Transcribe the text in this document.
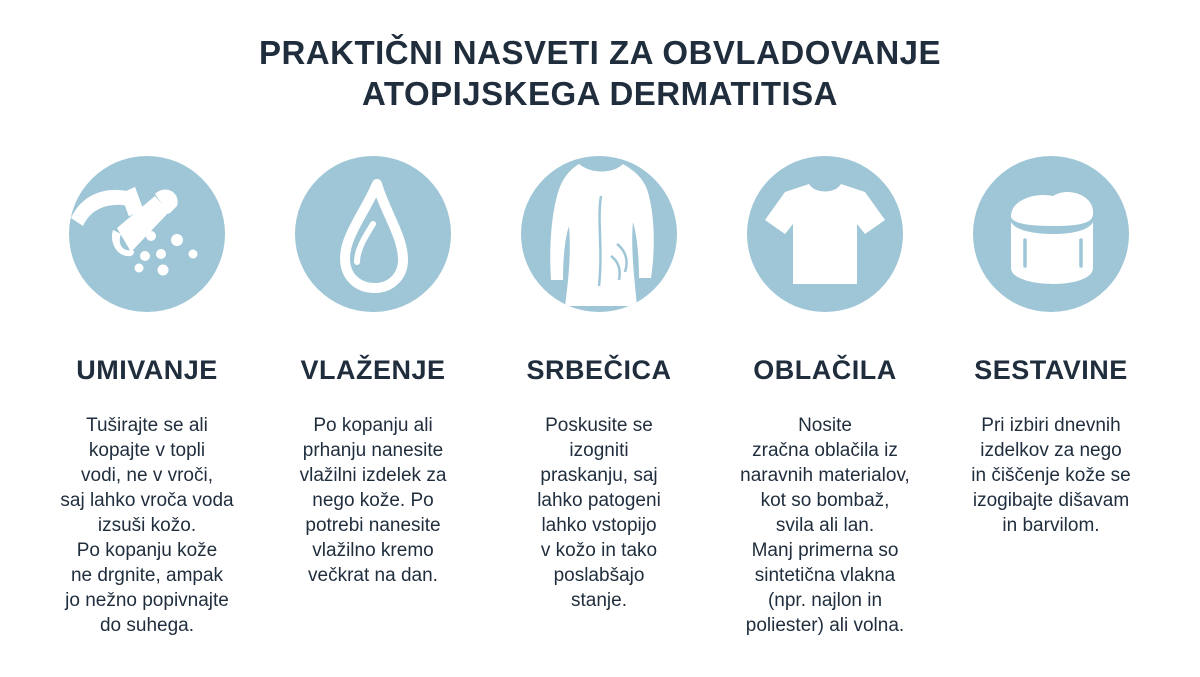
PRAKTIČNI NASVETI ZA OBVLADOVANJE
ATOPIJSKEGA DERMATITISA
UMIVANJE
Tuširajte se ali
kopajte v topli
vodi, ne v vroči,
saj lahko vroča voda
izsuši kožo.
Po kopanju kože
ne drgnite, ampak
jo nežno popivnajte
do suhega.
VLAŽENJE
Po kopanju ali
prhanju nanesite
vlažilni izdelek za
nego kože. Po
potrebi nanesite
vlažilno kremo
večkrat na dan.
SRBEČICA
Poskusite se
izogniti
praskanju, saj
lahko patogeni
lahko vstopijo
v kožo in tako
poslabšajo
stanje.
OBLAČILA
Nosite
zračna oblačila iz
naravnih materialov,
kot so bombaž,
svila ali lan.
Manj primerna so
sintetična vlakna
(npr. najlon in
poliester) ali volna.
SESTAVINE
Pri izbiri dnevnih
izdelkov za nego
in čiščenje kože se
izogibajte dišavam
in barvilom.
